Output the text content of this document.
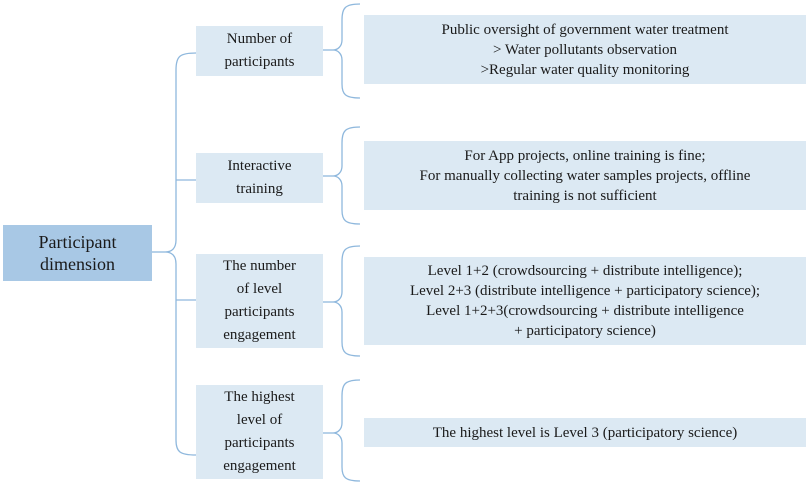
Participant
dimension
Number of
participants
Public oversight of government water treatment
> Water pollutants observation
>Regular water quality monitoring
Interactive
training
For App projects, online training is fine;
For manually collecting water samples projects, offline
training is not sufficient
The number
of level
participants
engagement
Level 1+2 (crowdsourcing + distribute intelligence);
Level 2+3 (distribute intelligence + participatory science);
Level 1+2+3(crowdsourcing + distribute intelligence
+ participatory science)
The highest
level of
participants
engagement
The highest level is Level 3 (participatory science)
